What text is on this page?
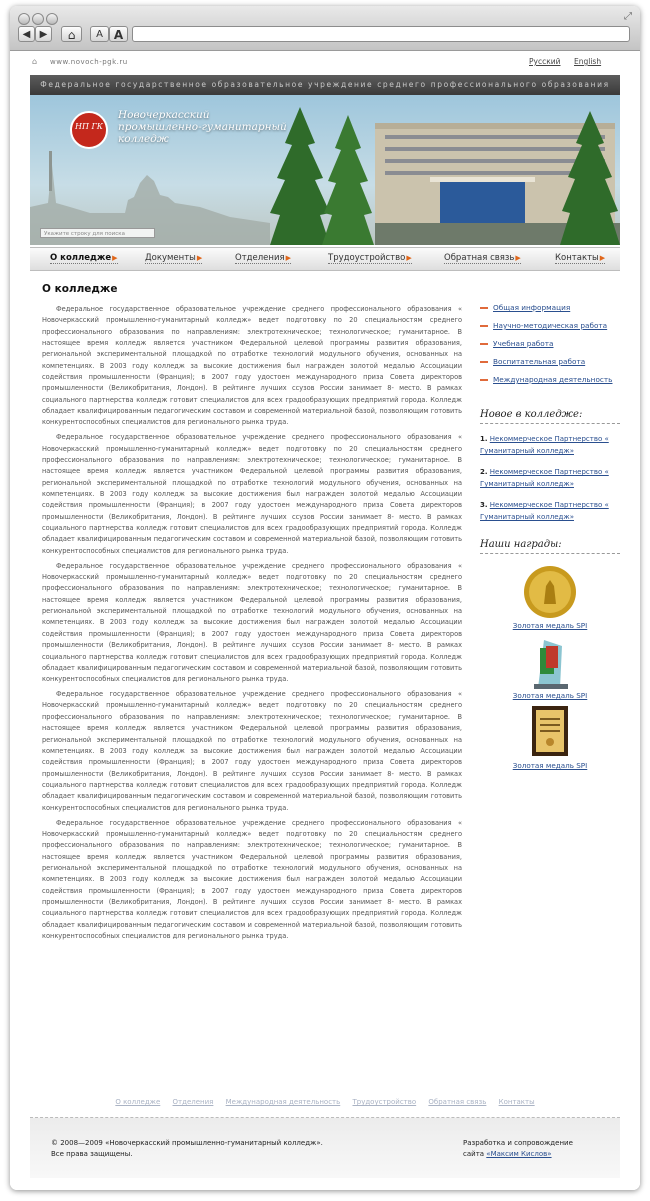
⤢
◀ ▶	⌂	A A
⌂ www.novoch-pgk.ru	Русский English
Федеральное государственное образовательное учреждение среднего профессионального образования
НП ГК
Новочеркасский
промышленно-гуманитарный
колледж
Укажите строку для поиска
О колледже▶	Документы▶	Отделения▶	Трудоустройство▶	Обратная связь▶	Контакты▶
О колледже

Федеральное государственное образовательное учреждение среднего профессионального образования « Новочеркасский промышленно-гуманитарный колледж» ведет подготовку по 20 специальностям среднего профессионального образования по направлениям: электротехническое; технологическое; гуманитарное. В настоящее время колледж является участником Федеральной целевой программы развития образования, региональной экспериментальной площадкой по отработке технологий модульного обучения, основанных на компетенциях. В 2003 году колледж за высокие достижения был награжден золотой медалью Ассоциации содействия промышленности (Франция); в 2007 году удостоен международного приза Совета директоров промышленности (Великобритания, Лондон). В рейтинге лучших ссузов России занимает 8- место. В рамках социального партнерства колледж готовит специалистов для всех градообразующих предприятий города. Колледж обладает квалифицированным педагогическим составом и современной материальной базой, позволяющим готовить конкурентоспособных специалистов для регионального рынка труда.

Федеральное государственное образовательное учреждение среднего профессионального образования « Новочеркасский промышленно-гуманитарный колледж» ведет подготовку по 20 специальностям среднего профессионального образования по направлениям: электротехническое; технологическое; гуманитарное. В настоящее время колледж является участником Федеральной целевой программы развития образования, региональной экспериментальной площадкой по отработке технологий модульного обучения, основанных на компетенциях. В 2003 году колледж за высокие достижения был награжден золотой медалью Ассоциации содействия промышленности (Франция); в 2007 году удостоен международного приза Совета директоров промышленности (Великобритания, Лондон). В рейтинге лучших ссузов России занимает 8- место. В рамках социального партнерства колледж готовит специалистов для всех градообразующих предприятий города. Колледж обладает квалифицированным педагогическим составом и современной материальной базой, позволяющим готовить конкурентоспособных специалистов для регионального рынка труда.

Федеральное государственное образовательное учреждение среднего профессионального образования « Новочеркасский промышленно-гуманитарный колледж» ведет подготовку по 20 специальностям среднего профессионального образования по направлениям: электротехническое; технологическое; гуманитарное. В настоящее время колледж является участником Федеральной целевой программы развития образования, региональной экспериментальной площадкой по отработке технологий модульного обучения, основанных на компетенциях. В 2003 году колледж за высокие достижения был награжден золотой медалью Ассоциации содействия промышленности (Франция); в 2007 году удостоен международного приза Совета директоров промышленности (Великобритания, Лондон). В рейтинге лучших ссузов России занимает 8- место. В рамках социального партнерства колледж готовит специалистов для всех градообразующих предприятий города. Колледж обладает квалифицированным педагогическим составом и современной материальной базой, позволяющим готовить конкурентоспособных специалистов для регионального рынка труда.

Федеральное государственное образовательное учреждение среднего профессионального образования « Новочеркасский промышленно-гуманитарный колледж» ведет подготовку по 20 специальностям среднего профессионального образования по направлениям: электротехническое; технологическое; гуманитарное. В настоящее время колледж является участником Федеральной целевой программы развития образования, региональной экспериментальной площадкой по отработке технологий модульного обучения, основанных на компетенциях. В 2003 году колледж за высокие достижения был награжден золотой медалью Ассоциации содействия промышленности (Франция); в 2007 году удостоен международного приза Совета директоров промышленности (Великобритания, Лондон). В рейтинге лучших ссузов России занимает 8- место. В рамках социального партнерства колледж готовит специалистов для всех градообразующих предприятий города. Колледж обладает квалифицированным педагогическим составом и современной материальной базой, позволяющим готовить конкурентоспособных специалистов для регионального рынка труда.

Федеральное государственное образовательное учреждение среднего профессионального образования « Новочеркасский промышленно-гуманитарный колледж» ведет подготовку по 20 специальностям среднего профессионального образования по направлениям: электротехническое; технологическое; гуманитарное. В настоящее время колледж является участником Федеральной целевой программы развития образования, региональной экспериментальной площадкой по отработке технологий модульного обучения, основанных на компетенциях. В 2003 году колледж за высокие достижения был награжден золотой медалью Ассоциации содействия промышленности (Франция); в 2007 году удостоен международного приза Совета директоров промышленности (Великобритания, Лондон). В рейтинге лучших ссузов России занимает 8- место. В рамках социального партнерства колледж готовит специалистов для всех градообразующих предприятий города. Колледж обладает квалифицированным педагогическим составом и современной материальной базой, позволяющим готовить конкурентоспособных специалистов для регионального рынка труда.

Общая информация
Научно-методическая работа
Учебная работа
Воспитательная работа
Международная деятельность
Новое в колледже:
1. Некоммерческое Партнерство « Гуманитарный колледж»
2. Некоммерческое Партнерство « Гуманитарный колледж»
3. Некоммерческое Партнерство « Гуманитарный колледж»
Наши награды:
Золотая медаль SPI
Золотая медаль SPI
Золотая медаль SPI
О колледже Отделения Международная деятельность Трудоустройство Обратная связь Контакты
© 2008—2009 «Новочеркасский промышленно-гуманитарный колледж».
Все права защищены.
Разработка и сопровождение
сайта «Максим Кислов»
